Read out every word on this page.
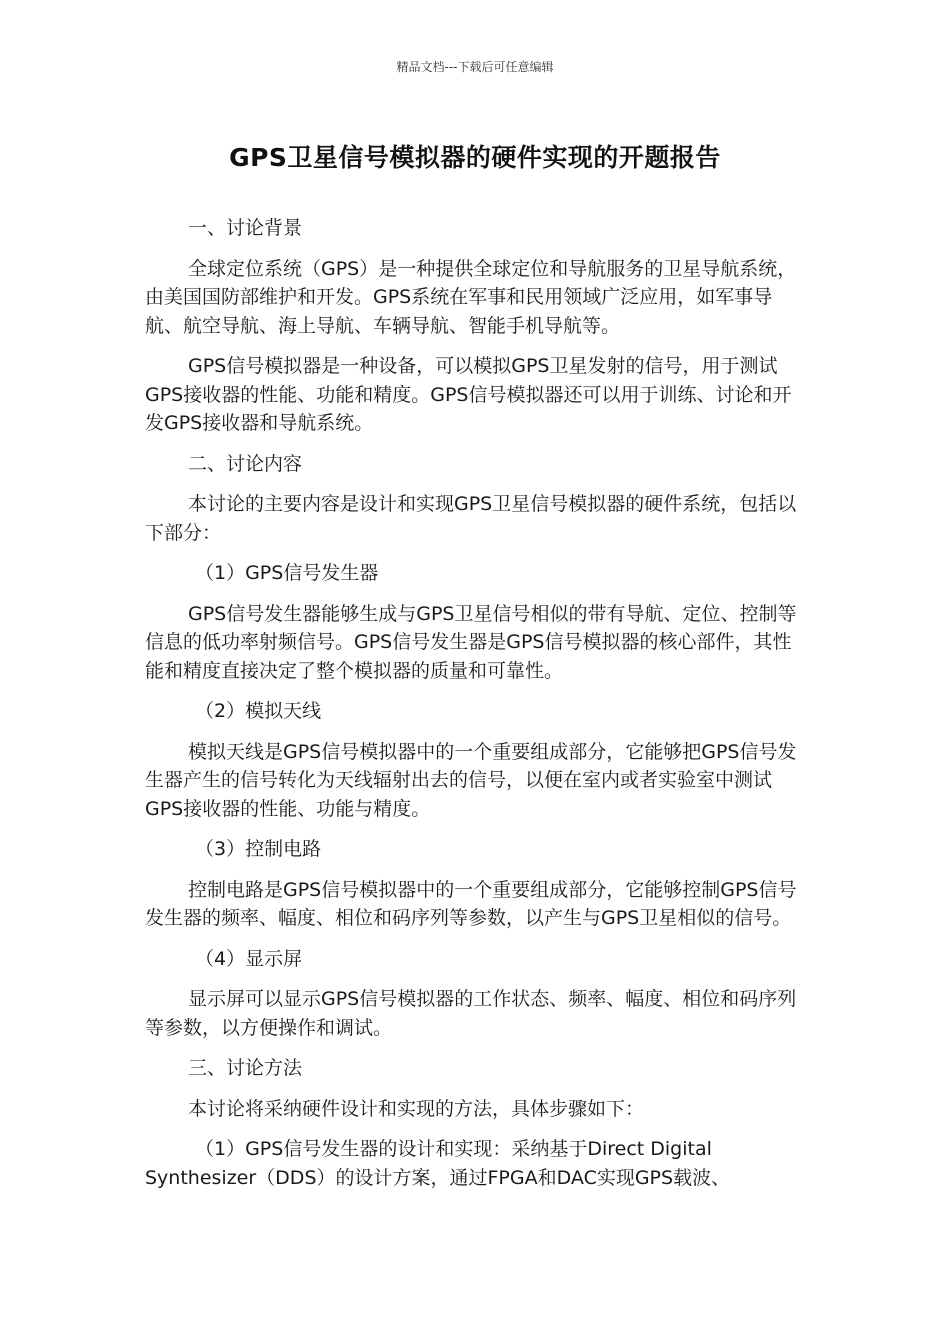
精品文档---下载后可任意编辑
GPS卫星信号模拟器的硬件实现的开题报告
一、讨论背景
全球定位系统（GPS）是一种提供全球定位和导航服务的卫星导航系统，由美国国防部维护和开发。GPS系统在军事和民用领域广泛应用，如军事导航、航空导航、海上导航、车辆导航、智能手机导航等。
GPS信号模拟器是一种设备，可以模拟GPS卫星发射的信号，用于测试GPS接收器的性能、功能和精度。GPS信号模拟器还可以用于训练、讨论和开发GPS接收器和导航系统。
二、讨论内容
本讨论的主要内容是设计和实现GPS卫星信号模拟器的硬件系统，包括以下部分：
（1）GPS信号发生器
GPS信号发生器能够生成与GPS卫星信号相似的带有导航、定位、控制等信息的低功率射频信号。GPS信号发生器是GPS信号模拟器的核心部件，其性能和精度直接决定了整个模拟器的质量和可靠性。
（2）模拟天线
模拟天线是GPS信号模拟器中的一个重要组成部分，它能够把GPS信号发生器产生的信号转化为天线辐射出去的信号，以便在室内或者实验室中测试GPS接收器的性能、功能与精度。
（3）控制电路
控制电路是GPS信号模拟器中的一个重要组成部分，它能够控制GPS信号发生器的频率、幅度、相位和码序列等参数，以产生与GPS卫星相似的信号。
（4）显示屏
显示屏可以显示GPS信号模拟器的工作状态、频率、幅度、相位和码序列等参数，以方便操作和调试。
三、讨论方法
本讨论将采纳硬件设计和实现的方法，具体步骤如下：
（1）GPS信号发生器的设计和实现：采纳基于Direct Digital
Synthesizer（DDS）的设计方案，通过FPGA和DAC实现GPS载波、
